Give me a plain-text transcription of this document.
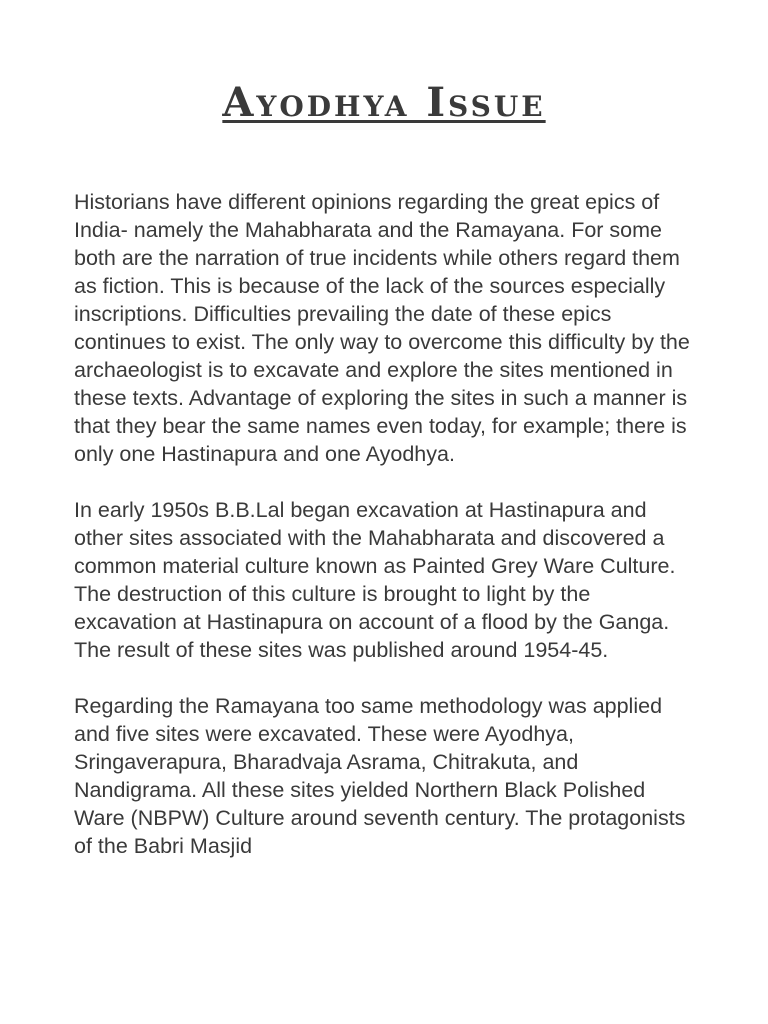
Ayodhya Issue

Historians have different opinions regarding the great epics of India- namely the Mahabharata and the Ramayana. For some both are the narration of true incidents while others regard them as fiction. This is because of the lack of the sources especially inscriptions. Difficulties prevailing the date of these epics continues to exist. The only way to overcome this difficulty by the archaeologist is to excavate and explore the sites mentioned in these texts. Advantage of exploring the sites in such a manner is that they bear the same names even today, for example; there is only one Hastinapura and one Ayodhya.

In early 1950s B.B.Lal began excavation at Hastinapura and other sites associated with the Mahabharata and discovered a common material culture known as Painted Grey Ware Culture. The destruction of this culture is brought to light by the excavation at Hastinapura on account of a flood by the Ganga. The result of these sites was published around 1954-45.

Regarding the Ramayana too same methodology was applied and five sites were excavated. These were Ayodhya, Sringaverapura, Bharadvaja Asrama, Chitrakuta, and Nandigrama. All these sites yielded Northern Black Polished Ware (NBPW) Culture around seventh century. The protagonists of the Babri Masjid
